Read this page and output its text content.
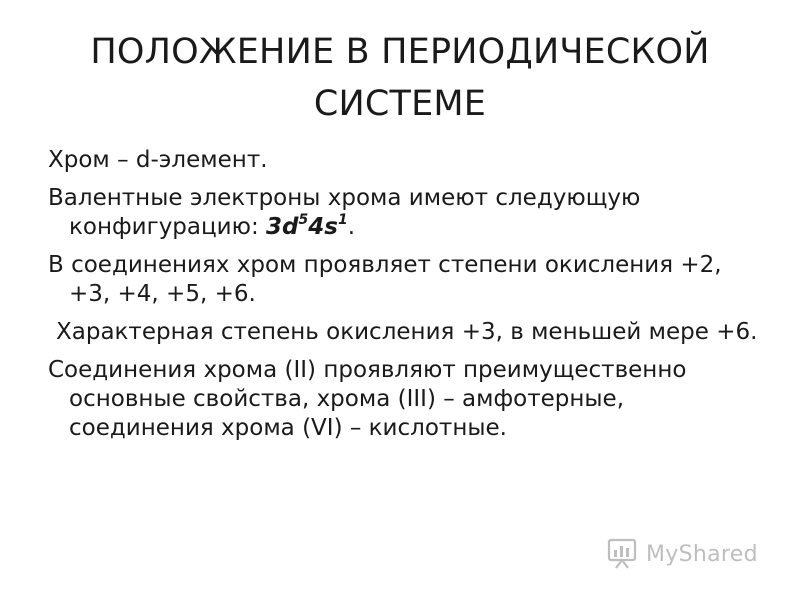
ПОЛОЖЕНИЕ В ПЕРИОДИЧЕСКОЙ
СИСТЕМЕ

Хром – d-элемент.

Валентные электроны хрома имеют следующую конфигурацию: $3d^54s^1$.

В соединениях хром проявляет степени окисления +2, +3, +4, +5, +6.

Характерная степень окисления +3, в меньшей мере +6.

Соединения хрома (II) проявляют преимущественно основные свойства, хрома (III) – амфотерные, соединения хрома (VI) – кислотные.

MyShared
